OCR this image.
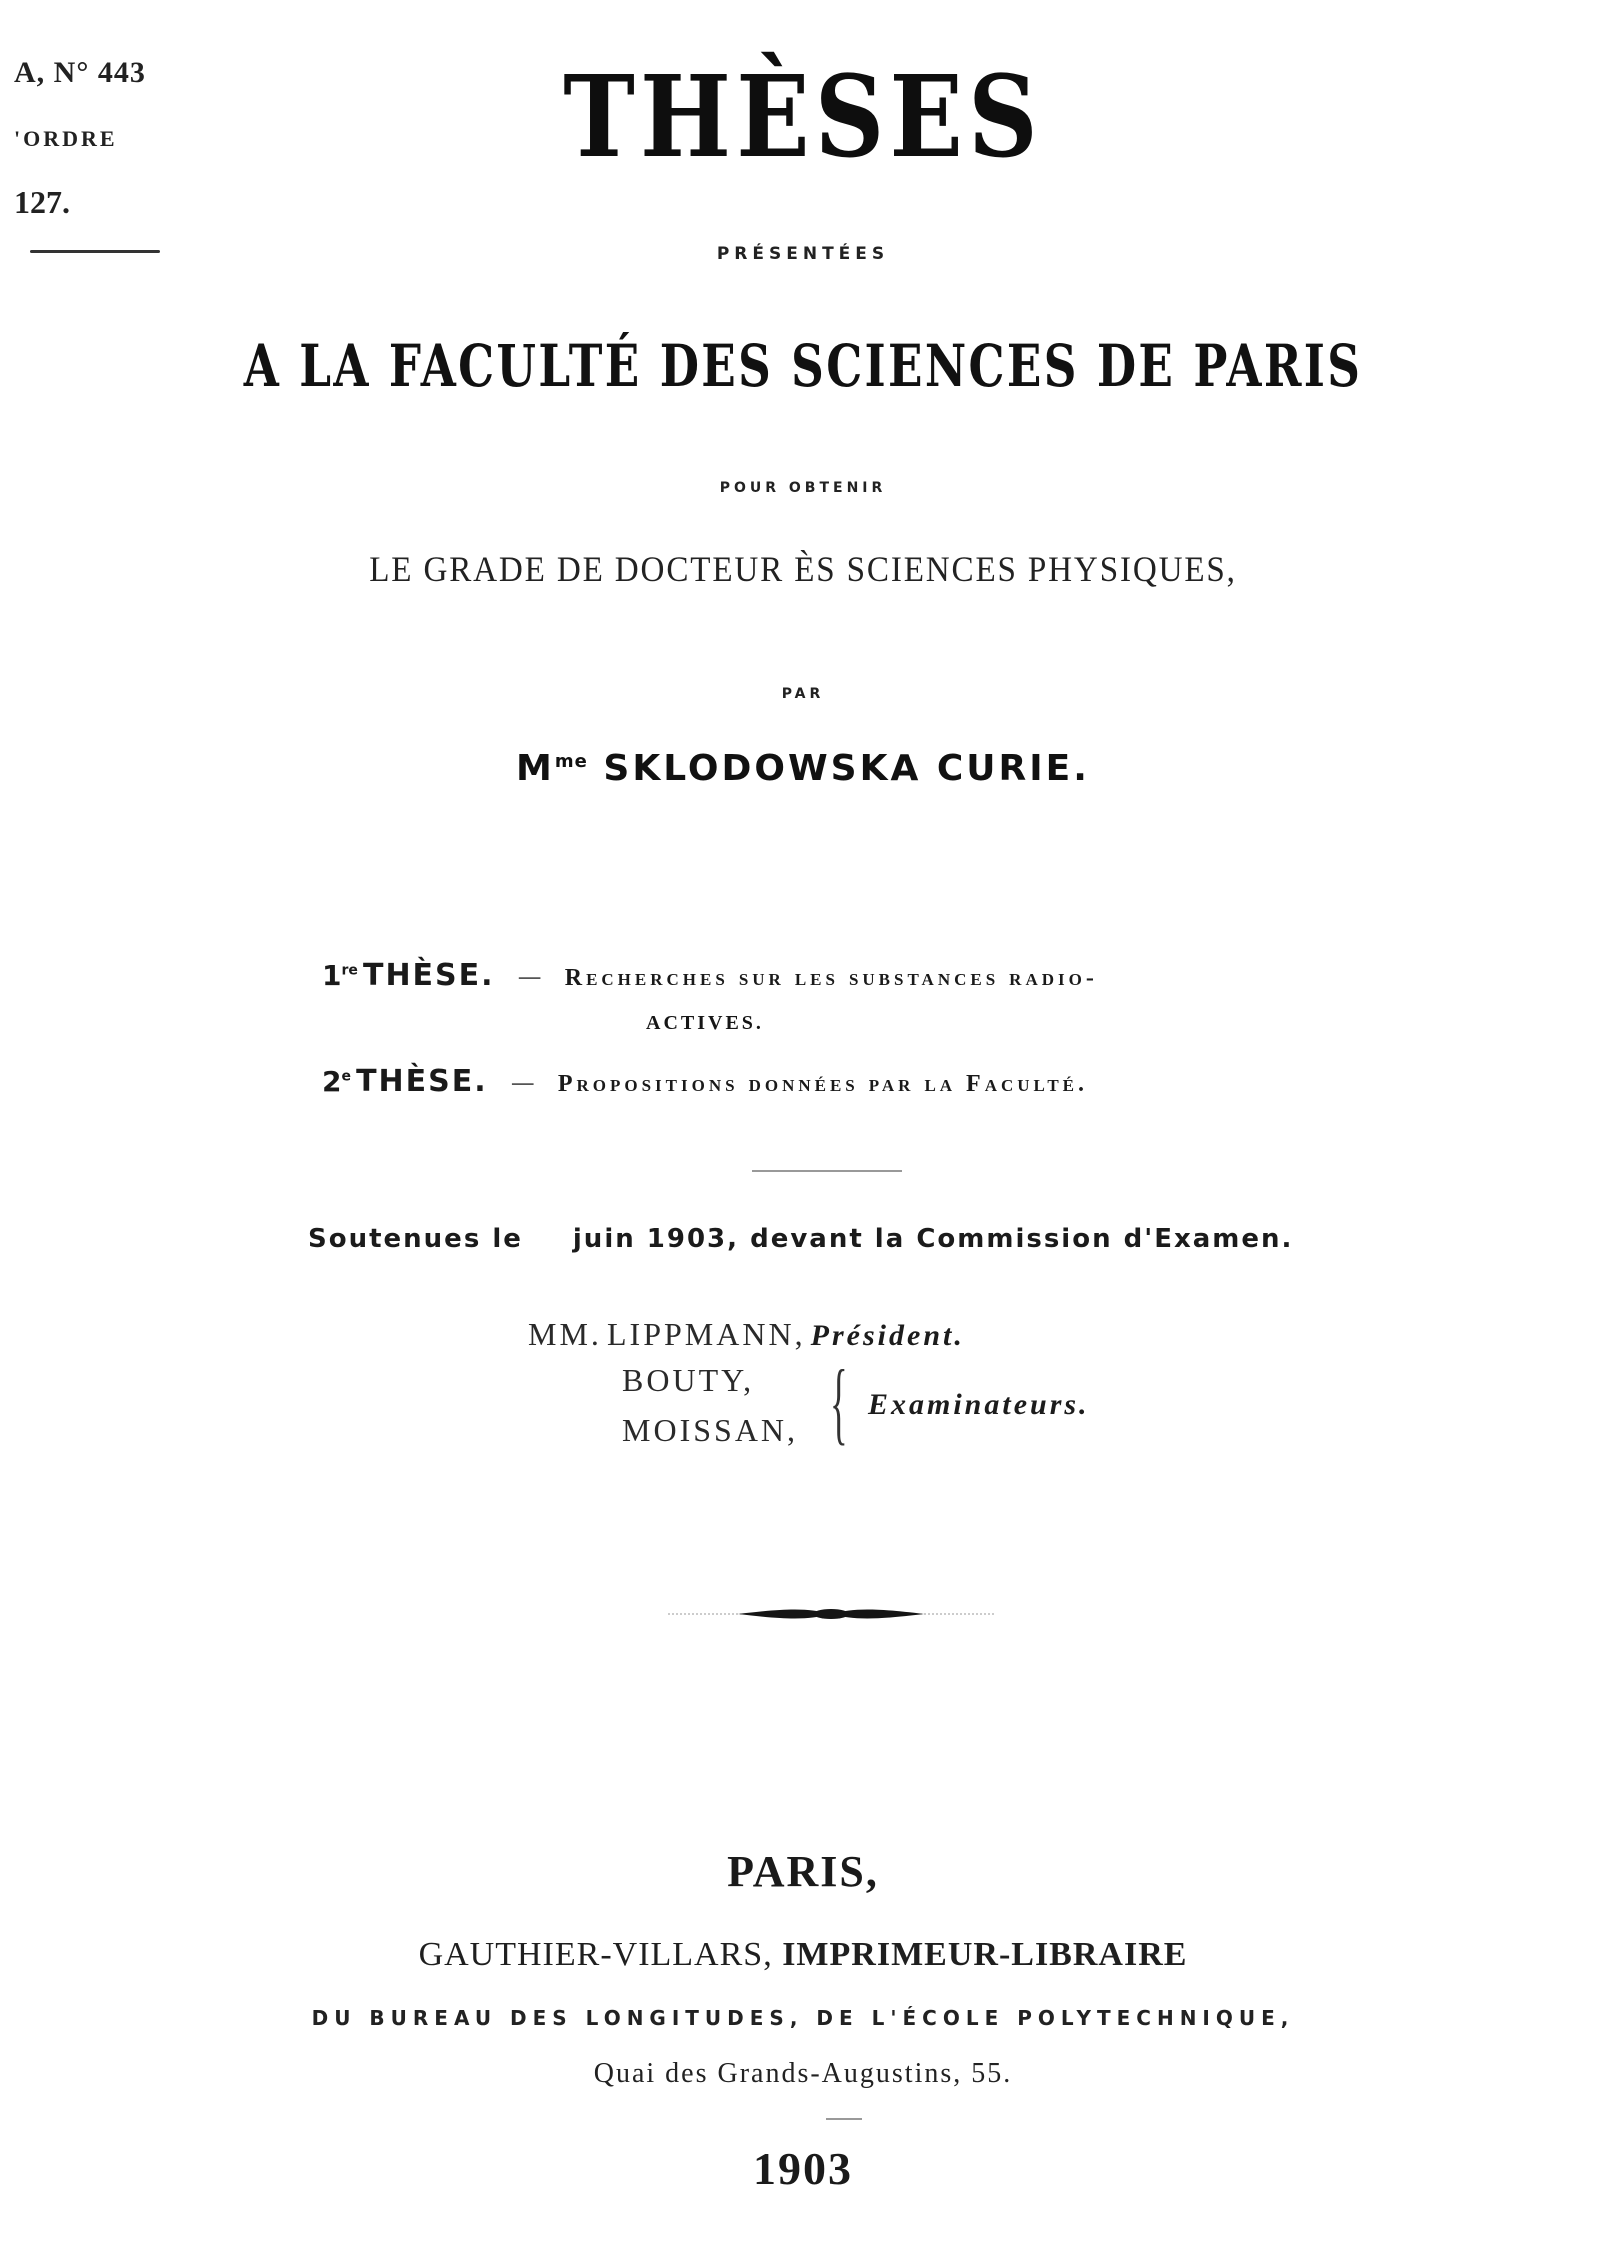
A, N° 443
'ORDRE
127.
THÈSES
PRÉSENTÉES
A LA FACULTÉ DES SCIENCES DE PARIS
POUR OBTENIR
LE GRADE DE DOCTEUR ÈS SCIENCES PHYSIQUES,
PAR
$M^{me}$ SKLODOWSKA CURIE.
1re THÈSE. — Recherches sur les substances radio-
ACTIVES.
2e THÈSE. — Propositions données par la Faculté.
Soutenues le juin 1903, devant la Commission d'Examen.
MM. LIPPMANN, Président.
BOUTY,
MOISSAN, { Examinateurs.
PARIS,
GAUTHIER-VILLARS, IMPRIMEUR-LIBRAIRE
DU BUREAU DES LONGITUDES, DE L'ÉCOLE POLYTECHNIQUE,
Quai des Grands-Augustins, 55.
1903
